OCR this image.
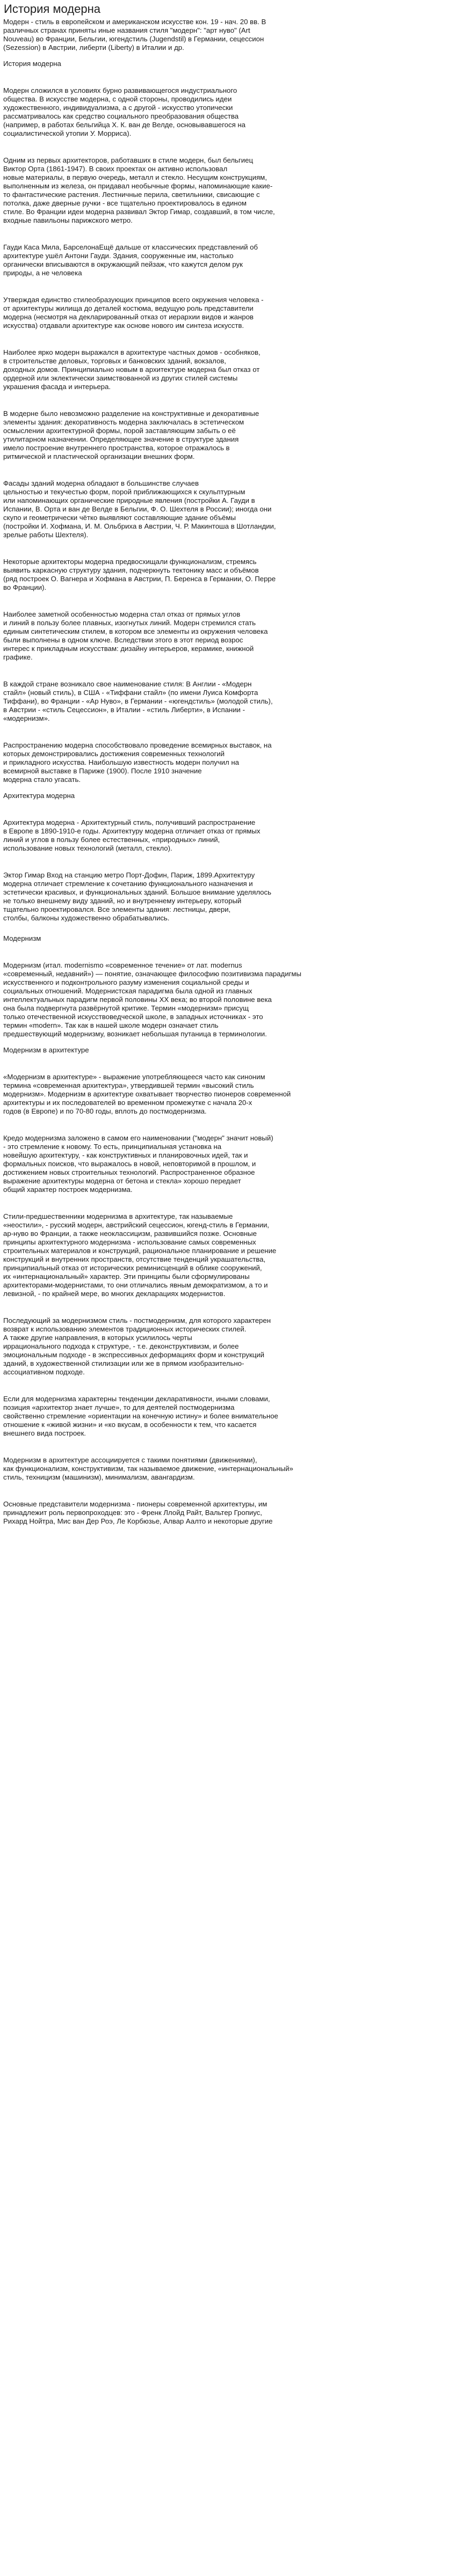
История модерна
Модерн - стиль в европейском и американском искусстве кон. 19 - нач. 20 вв. В
различных странах приняты иные названия стиля "модерн": "арт нуво" (Art
Nouveau) во Франции, Бельгии, югендстиль (Jugendstil) в Германии, сецессион
(Sezession) в Австрии, либерти (Liberty) в Италии и др.
История модерна
Модерн сложился в условиях бурно развивающегося индустриального
общества. В искусстве модерна, с одной стороны, проводились идеи
художественного, индивидуализма, а с другой - искусство утопически
рассматривалось как средство социального преобразования общества
(например, в работах бельгийца Х. К. ван де Велде, основывавшегося на
социалистической утопии У. Морриса).
Одним из первых архитекторов, работавших в стиле модерн, был бельгиец
Виктор Орта (1861-1947). В своих проектах он активно использовал
новые материалы, в первую очередь, металл и стекло. Несущим конструкциям,
выполненным из железа, он придавал необычные формы, напоминающие какие-
то фантастические растения. Лестничные перила, светильники, свисающие с
потолка, даже дверные ручки - все тщательно проектировалось в едином
стиле. Во Франции идеи модерна развивал Эктор Гимар, создавший, в том числе,
входные павильоны парижского метро.
Гауди Каса Мила, БарселонаЕщё дальше от классических представлений об
архитектуре ушёл Антони Гауди. Здания, сооруженные им, настолько
органически вписываются в окружающий пейзаж, что кажутся делом рук
природы, а не человека
Утверждая единство стилеобразующих принципов всего окружения человека -
от архитектуры жилища до деталей костюма, ведущую роль представители
модерна (несмотря на декларированный отказ от иерархии видов и жанров
искусства) отдавали архитектуре как основе нового им синтеза искусств.
Наиболее ярко модерн выражался в архитектуре частных домов - особняков,
в строительстве деловых, торговых и банковских зданий, вокзалов,
доходных домов. Принципиально новым в архитектуре модерна был отказ от
ордерной или эклектически заимствованной из других стилей системы
украшения фасада и интерьера.
В модерне было невозможно разделение на конструктивные и декоративные
элементы здания: декоративность модерна заключалась в эстетическом
осмыслении архитектурной формы, порой заставляющим забыть о её
утилитарном назначении. Определяющее значение в структуре здания
имело построение внутреннего пространства, которое отражалось в
ритмической и пластической организации внешних форм.
Фасады зданий модерна обладают в большинстве случаев
цельностью и текучестью форм, порой приближающихся к скульптурным
или напоминающих органические природные явления (постройки А. Гауди в
Испании, В. Орта и ван де Велде в Бельгии, Ф. О. Шехтеля в России); иногда они
скупо и геометрически чётко выявляют составляющие здание объёмы
(постройки И. Хофмана, И. М. Ольбриха в Австрии, Ч. Р. Макинтоша в Шотландии,
зрелые работы Шехтеля).
Некоторые архитекторы модерна предвосхищали функционализм, стремясь
выявить каркасную структуру здания, подчеркнуть тектонику масс и объёмов
(ряд построек О. Вагнера и Хофмана в Австрии, П. Беренса в Германии, О. Перре
во Франции).
Наиболее заметной особенностью модерна стал отказ от прямых углов
и линий в пользу более плавных, изогнутых линий. Модерн стремился стать
единым синтетическим стилем, в котором все элементы из окружения человека
были выполнены в одном ключе. Вследствии этого в этот период возрос
интерес к прикладным искусствам: дизайну интерьеров, керамике, книжной
графике.
В каждой стране возникало свое наименование стиля: В Англии - «Модерн
стайл» (новый стиль), в США - «Тиффани стайл» (по имени Луиса Комфорта
Тиффани), во Франции - «Ар Нуво», в Германии - «югендстиль» (молодой стиль),
в Австрии - «стиль Сецессион», в Италии - «стиль Либерти», в Испании -
«модернизм».
Распространению модерна способствовало проведение всемирных выставок, на
которых демонстрировались достижения современных технологий
и прикладного искусства. Наибольшую известность модерн получил на
всемирной выставке в Париже (1900). После 1910 значение
модерна стало угасать.
Архитектура модерна
Архитектура модерна - Архитектурный стиль, получивший распространение
в Европе в 1890-1910-е годы. Архитектуру модерна отличает отказ от прямых
линий и углов в пользу более естественных, «природных» линий,
использование новых технологий (металл, стекло).
Эктор Гимар Вход на станцию метро Порт-Дофин, Париж, 1899.Архитектуру
модерна отличает стремление к сочетанию функционального назначения и
эстетически красивых, и функциональных зданий. Большое внимание уделялось
не только внешнему виду зданий, но и внутреннему интерьеру, который
тщательно проектировался. Все элементы здания: лестницы, двери,
столбы, балконы художественно обрабатывались.
Модернизм
Модернизм (итал. modernismo «современное течение» от лат. modernus
«современный, недавний») — понятие, означающее философию позитивизма парадигмы
искусственного и подконтрольного разуму изменения социальной среды и
социальных отношений. Модернистская парадигма была одной из главных
интеллектуальных парадигм первой половины XX века; во второй половине века
она была подвергнута развёрнутой критике. Термин «модернизм» присущ
только отечественной искусствоведческой школе, в западных источниках - это
термин «modern». Так как в нашей школе модерн означает стиль
предшествующий модернизму, возникает небольшая путаница в терминологии.
Модернизм в архитектуре
«Модернизм в архитектуре» - выражение употребляющееся часто как синоним
термина «современная архитектура», утвердившей термин «высокий стиль
модернизм». Модернизм в архитектуре охватывает творчество пионеров современной
архитектуры и их последователей во временном промежутке с начала 20-х
годов (в Европе) и по 70-80 годы, вплоть до постмодернизма.
Кредо модернизма заложено в самом его наименовании ("модерн" значит новый)
- это стремление к новому. То есть, принципиальная установка на
новейшую архитектуру, - как конструктивных и планировочных идей, так и
формальных поисков, что выражалось в новой, неповторимой в прошлом, и
достижением новых строительных технологий. Распространенное образное
выражение архитектуры модерна от бетона и стекла» хорошо передает
общий характер построек модернизма.
Стили-предшественники модернизма в архитектуре, так называемые
«неостили», - русский модерн, австрийский сецессион, югенд-стиль в Германии,
ар-нуво во Франции, а также неоклассицизм, развившийся позже. Основные
принципы архитектурного модернизма - использование самых современных
строительных материалов и конструкций, рациональное планирование и решение
конструкций и внутренних пространств, отсутствие тенденций украшательства,
принципиальный отказ от исторических реминисценций в облике сооружений,
их «интернациональный» характер. Эти принципы были сформулированы
архитекторами-модернистами, то они отличались явным демократизмом, а то и
левизной, - по крайней мере, во многих декларациях модернистов.
Последующий за модернизмом стиль - постмодернизм, для которого характерен
возврат к использованию элементов традиционных исторических стилей.
А также другие направления, в которых усилилось черты
иррационального подхода к структуре, - т.е. деконструктивизм, и более
эмоциональным подходе - в экспрессивных деформациях форм и конструкций
зданий, в художественной стилизации или же в прямом изобразительно-
ассоциативном подходе.
Если для модернизма характерны тенденции декларативности, иными словами,
позиция «архитектор знает лучше», то для деятелей постмодернизма
свойственно стремление «ориентации на конечную истину» и более внимательное
отношение к «живой жизни» и «ко вкусам, в особенности к тем, что касается
внешнего вида построек.
Модернизм в архитектуре ассоциируется с такими понятиями (движениями),
как функционализм, конструктивизм, так называемое движение, «интернациональный»
стиль, техницизм (машинизм), минимализм, авангардизм.
Основные представители модернизма - пионеры современной архитектуры, им
принадлежит роль первопроходцев: это - Френк Ллойд Райт, Вальтер Гропиус,
Рихард Нойтра, Мис ван Дер Роэ, Ле Корбюзье, Алвар Аалто и некоторые другие
